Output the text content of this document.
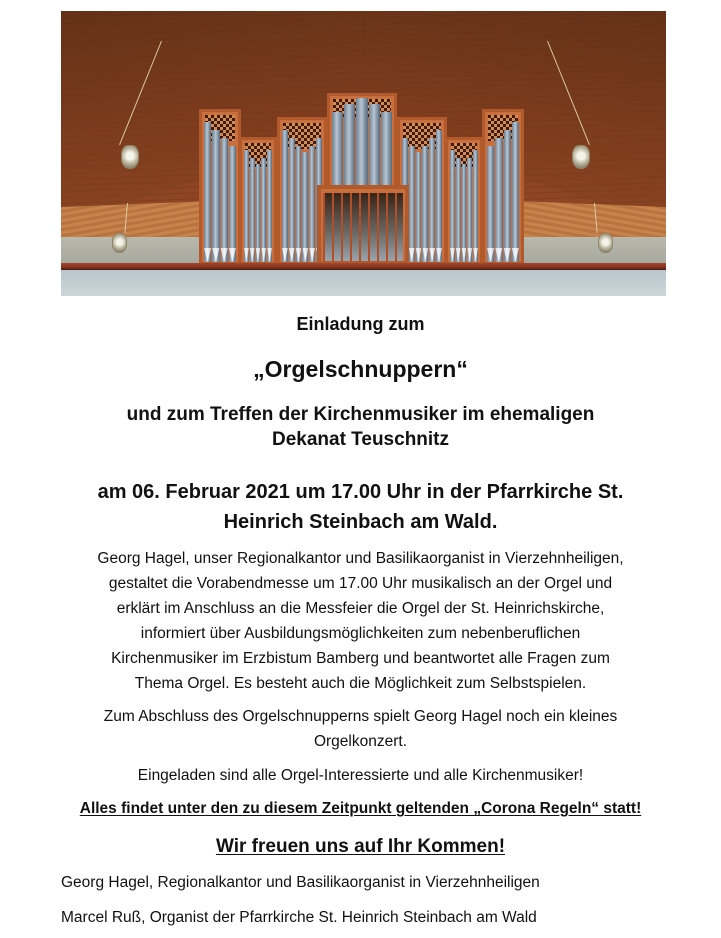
Einladung zum
„Orgelschnuppern“
und zum Treffen der Kirchenmusiker im ehemaligen
Dekanat Teuschnitz
am 06. Februar 2021 um 17.00 Uhr in der Pfarrkirche St.
Heinrich Steinbach am Wald.
Georg Hagel, unser Regionalkantor und Basilikaorganist in Vierzehnheiligen,
gestaltet die Vorabendmesse um 17.00 Uhr musikalisch an der Orgel und
erklärt im Anschluss an die Messfeier die Orgel der St. Heinrichskirche,
informiert über Ausbildungsmöglichkeiten zum nebenberuflichen
Kirchenmusiker im Erzbistum Bamberg und beantwortet alle Fragen zum
Thema Orgel. Es besteht auch die Möglichkeit zum Selbstspielen.
Zum Abschluss des Orgelschnupperns spielt Georg Hagel noch ein kleines
Orgelkonzert.
Eingeladen sind alle Orgel-Interessierte und alle Kirchenmusiker!
Alles findet unter den zu diesem Zeitpunkt geltenden „Corona Regeln“ statt!
Wir freuen uns auf Ihr Kommen!
Georg Hagel, Regionalkantor und Basilikaorganist in Vierzehnheiligen
Marcel Ruß, Organist der Pfarrkirche St. Heinrich Steinbach am Wald
